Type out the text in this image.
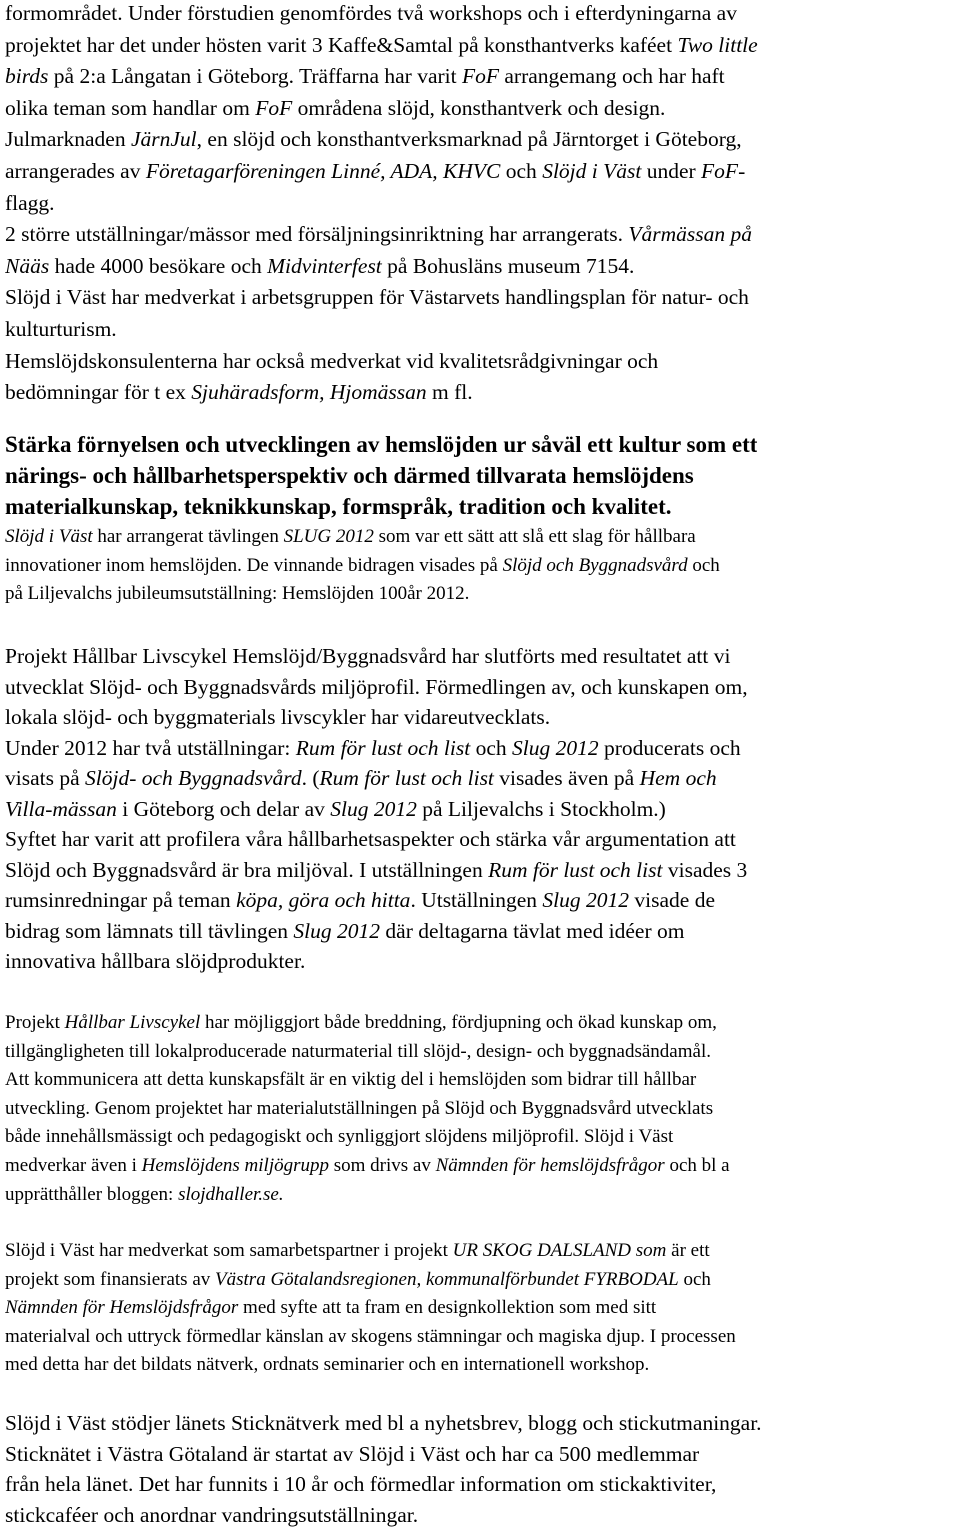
formområdet. Under förstudien genomfördes två workshops och i efterdyningarna av
projektet har det under hösten varit 3 Kaffe&Samtal på konsthantverks kaféet Two little
birds på 2:a Långatan i Göteborg. Träffarna har varit FoF arrangemang och har haft
olika teman som handlar om FoF områdena slöjd, konsthantverk och design.
Julmarknaden JärnJul, en slöjd och konsthantverksmarknad på Järntorget i Göteborg,
arrangerades av Företagarföreningen Linné, ADA, KHVC och Slöjd i Väst under FoF-
flagg.
2 större utställningar/mässor med försäljningsinriktning har arrangerats. Vårmässan på
Nääs hade 4000 besökare och Midvinterfest på Bohusläns museum 7154.
Slöjd i Väst har medverkat i arbetsgruppen för Västarvets handlingsplan för natur- och
kulturturism.
Hemslöjdskonsulenterna har också medverkat vid kvalitetsrådgivningar och
bedömningar för t ex Sjuhäradsform, Hjomässan m fl.
Stärka förnyelsen och utvecklingen av hemslöjden ur såväl ett kultur som ett
närings- och hållbarhetsperspektiv och därmed tillvarata hemslöjdens
materialkunskap, teknikkunskap, formspråk, tradition och kvalitet.
Slöjd i Väst har arrangerat tävlingen SLUG 2012 som var ett sätt att slå ett slag för hållbara
innovationer inom hemslöjden. De vinnande bidragen visades på Slöjd och Byggnadsvård och
på Liljevalchs jubileumsutställning: Hemslöjden 100år 2012.
Projekt Hållbar Livscykel Hemslöjd/Byggnadsvård har slutförts med resultatet att vi
utvecklat Slöjd- och Byggnadsvårds miljöprofil. Förmedlingen av, och kunskapen om,
lokala slöjd- och byggmaterials livscykler har vidareutvecklats.
Under 2012 har två utställningar: Rum för lust och list och Slug 2012 producerats och
visats på Slöjd- och Byggnadsvård. (Rum för lust och list visades även på Hem och
Villa-mässan i Göteborg och delar av Slug 2012 på Liljevalchs i Stockholm.)
Syftet har varit att profilera våra hållbarhetsaspekter och stärka vår argumentation att
Slöjd och Byggnadsvård är bra miljöval. I utställningen Rum för lust och list visades 3
rumsinredningar på teman köpa, göra och hitta. Utställningen Slug 2012 visade de
bidrag som lämnats till tävlingen Slug 2012 där deltagarna tävlat med idéer om
innovativa hållbara slöjdprodukter.
Projekt Hållbar Livscykel har möjliggjort både breddning, fördjupning och ökad kunskap om,
tillgängligheten till lokalproducerade naturmaterial till slöjd-, design- och byggnadsändamål.
Att kommunicera att detta kunskapsfält är en viktig del i hemslöjden som bidrar till hållbar
utveckling. Genom projektet har materialutställningen på Slöjd och Byggnadsvård utvecklats
både innehållsmässigt och pedagogiskt och synliggjort slöjdens miljöprofil. Slöjd i Väst
medverkar även i Hemslöjdens miljögrupp som drivs av Nämnden för hemslöjdsfrågor och bl a
upprätthåller bloggen: slojdhaller.se.
Slöjd i Väst har medverkat som samarbetspartner i projekt UR SKOG DALSLAND som är ett
projekt som finansierats av Västra Götalandsregionen, kommunalförbundet FYRBODAL och
Nämnden för Hemslöjdsfrågor med syfte att ta fram en designkollektion som med sitt
materialval och uttryck förmedlar känslan av skogens stämningar och magiska djup. I processen
med detta har det bildats nätverk, ordnats seminarier och en internationell workshop.
Slöjd i Väst stödjer länets Sticknätverk med bl a nyhetsbrev, blogg och stickutmaningar.
Sticknätet i Västra Götaland är startat av Slöjd i Väst och har ca 500 medlemmar
från hela länet. Det har funnits i 10 år och förmedlar information om stickaktiviter,
stickcaféer och anordnar vandringsutställningar.
